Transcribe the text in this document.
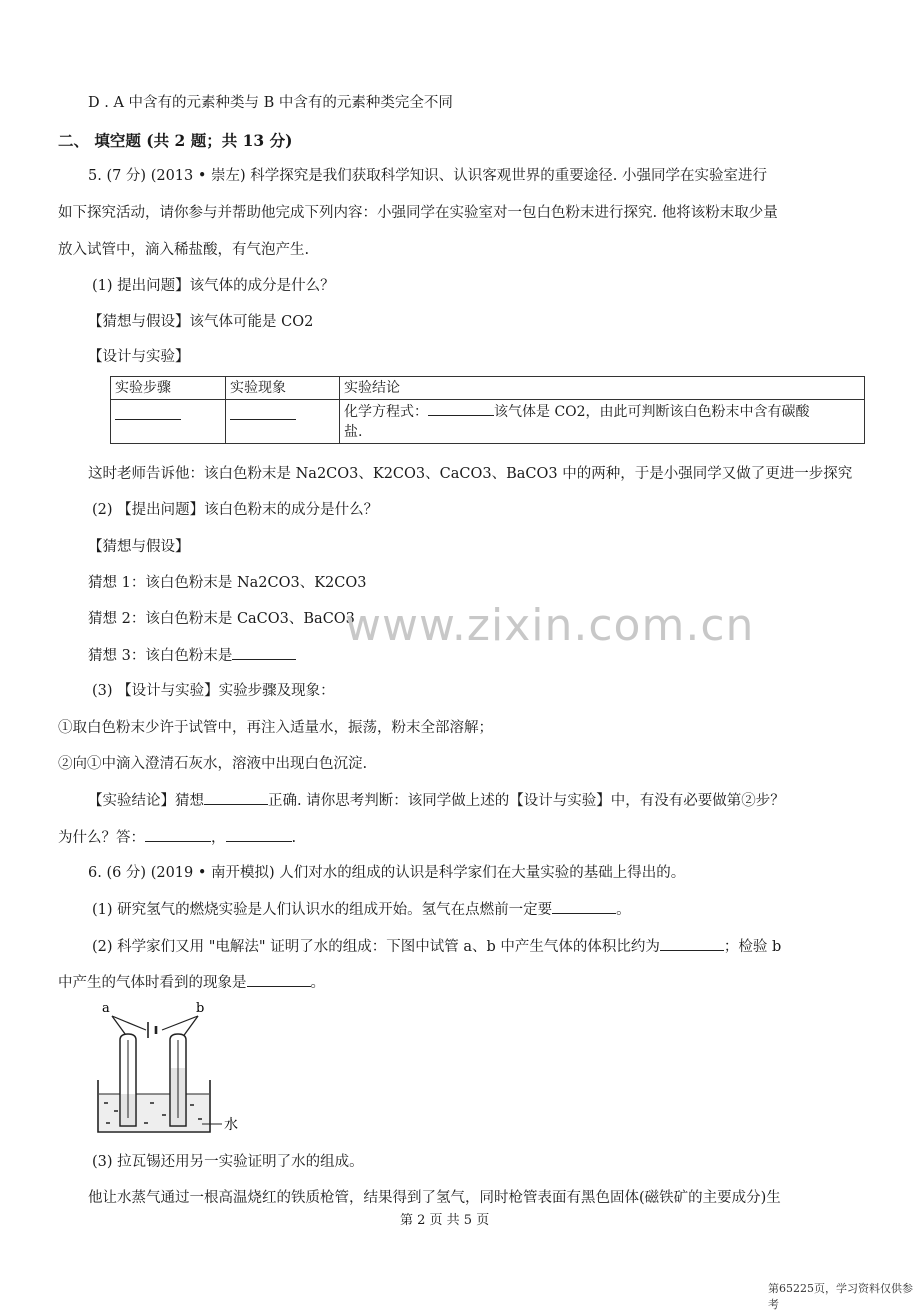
D . A 中含有的元素种类与 B 中含有的元素种类完全不同
二、 填空题 (共 2 题；共 13 分)
5. (7 分) (2013 • 崇左) 科学探究是我们获取科学知识、认识客观世界的重要途径. 小强同学在实验室进行
如下探究活动，请你参与并帮助他完成下列内容：小强同学在实验室对一包白色粉末进行探究. 他将该粉末取少量
放入试管中，滴入稀盐酸，有气泡产生.
(1) 提出问题】该气体的成分是什么？
【猜想与假设】该气体可能是 CO2
【设计与实验】
实验步骤	实验现象	实验结论
		化学方程式： 该气体是 CO2，由此可判断该白色粉末中含有碳酸
盐.
这时老师告诉他：该白色粉末是 Na2CO3、K2CO3、CaCO3、BaCO3 中的两种，于是小强同学又做了更进一步探究
(2) 【提出问题】该白色粉末的成分是什么？
【猜想与假设】
猜想 1：该白色粉末是 Na2CO3、K2CO3
猜想 2：该白色粉末是 CaCO3、BaCO3
猜想 3：该白色粉末是
(3) 【设计与实验】实验步骤及现象：
①取白色粉末少许于试管中，再注入适量水，振荡，粉末全部溶解；
②向①中滴入澄清石灰水，溶液中出现白色沉淀.
【实验结论】猜想	正确. 请你思考判断：该同学做上述的【设计与实验】中，有没有必要做第②步？
为什么？答：	，	.
6. (6 分) (2019 • 南开模拟) 人们对水的组成的认识是科学家们在大量实验的基础上得出的。
(1) 研究氢气的燃烧实验是人们认识水的组成开始。氢气在点燃前一定要	。
(2) 科学家们又用 "电解法" 证明了水的组成：下图中试管 a、b 中产生气体的体积比约为	；检验 b
中产生的气体时看到的现象是	。
a	b
水
(3) 拉瓦锡还用另一实验证明了水的组成。
他让水蒸气通过一根高温烧红的铁质枪管，结果得到了氢气，同时枪管表面有黑色固体(磁铁矿的主要成分)生
www.zixin.com.cn
第 2 页 共 5 页
第65225页，学习资料仅供参考
